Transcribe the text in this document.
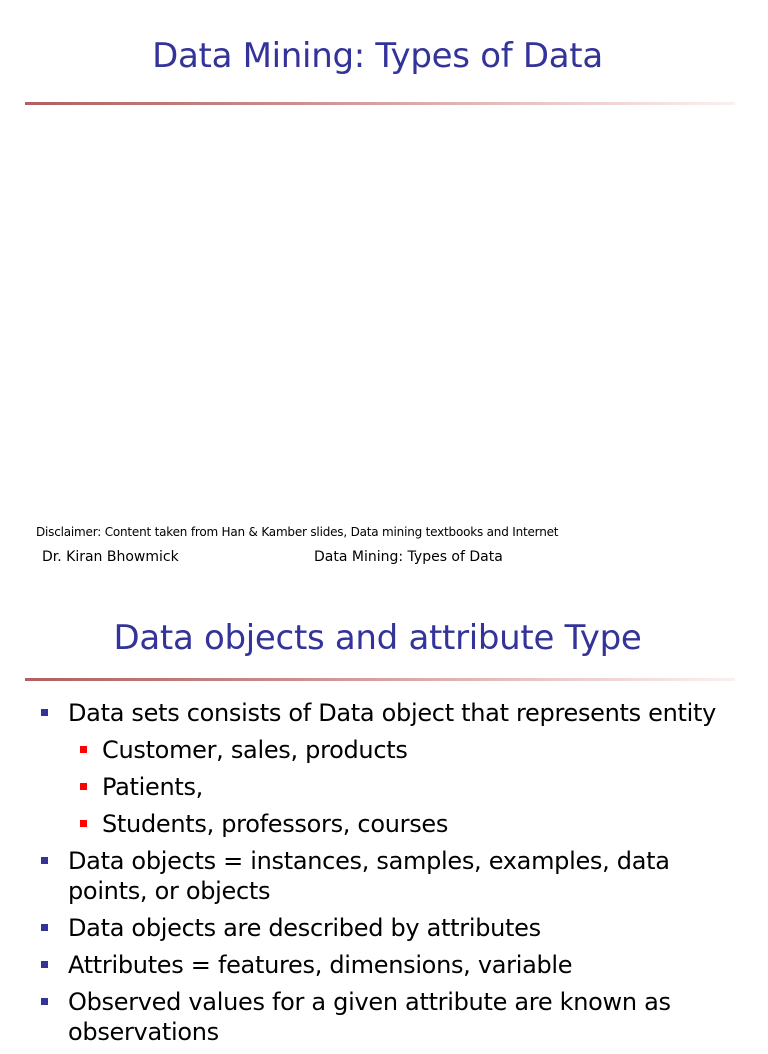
Data Mining: Types of Data
Disclaimer: Content taken from Han & Kamber slides, Data mining textbooks and Internet
Dr. Kiran Bhowmick	Data Mining: Types of Data
Data objects and attribute Type
Data sets consists of Data object that represents entity
Customer, sales, products
Patients,
Students, professors, courses
Data objects = instances, samples, examples, data points, or objects
Data objects are described by attributes
Attributes = features, dimensions, variable
Observed values for a given attribute are known as observations
